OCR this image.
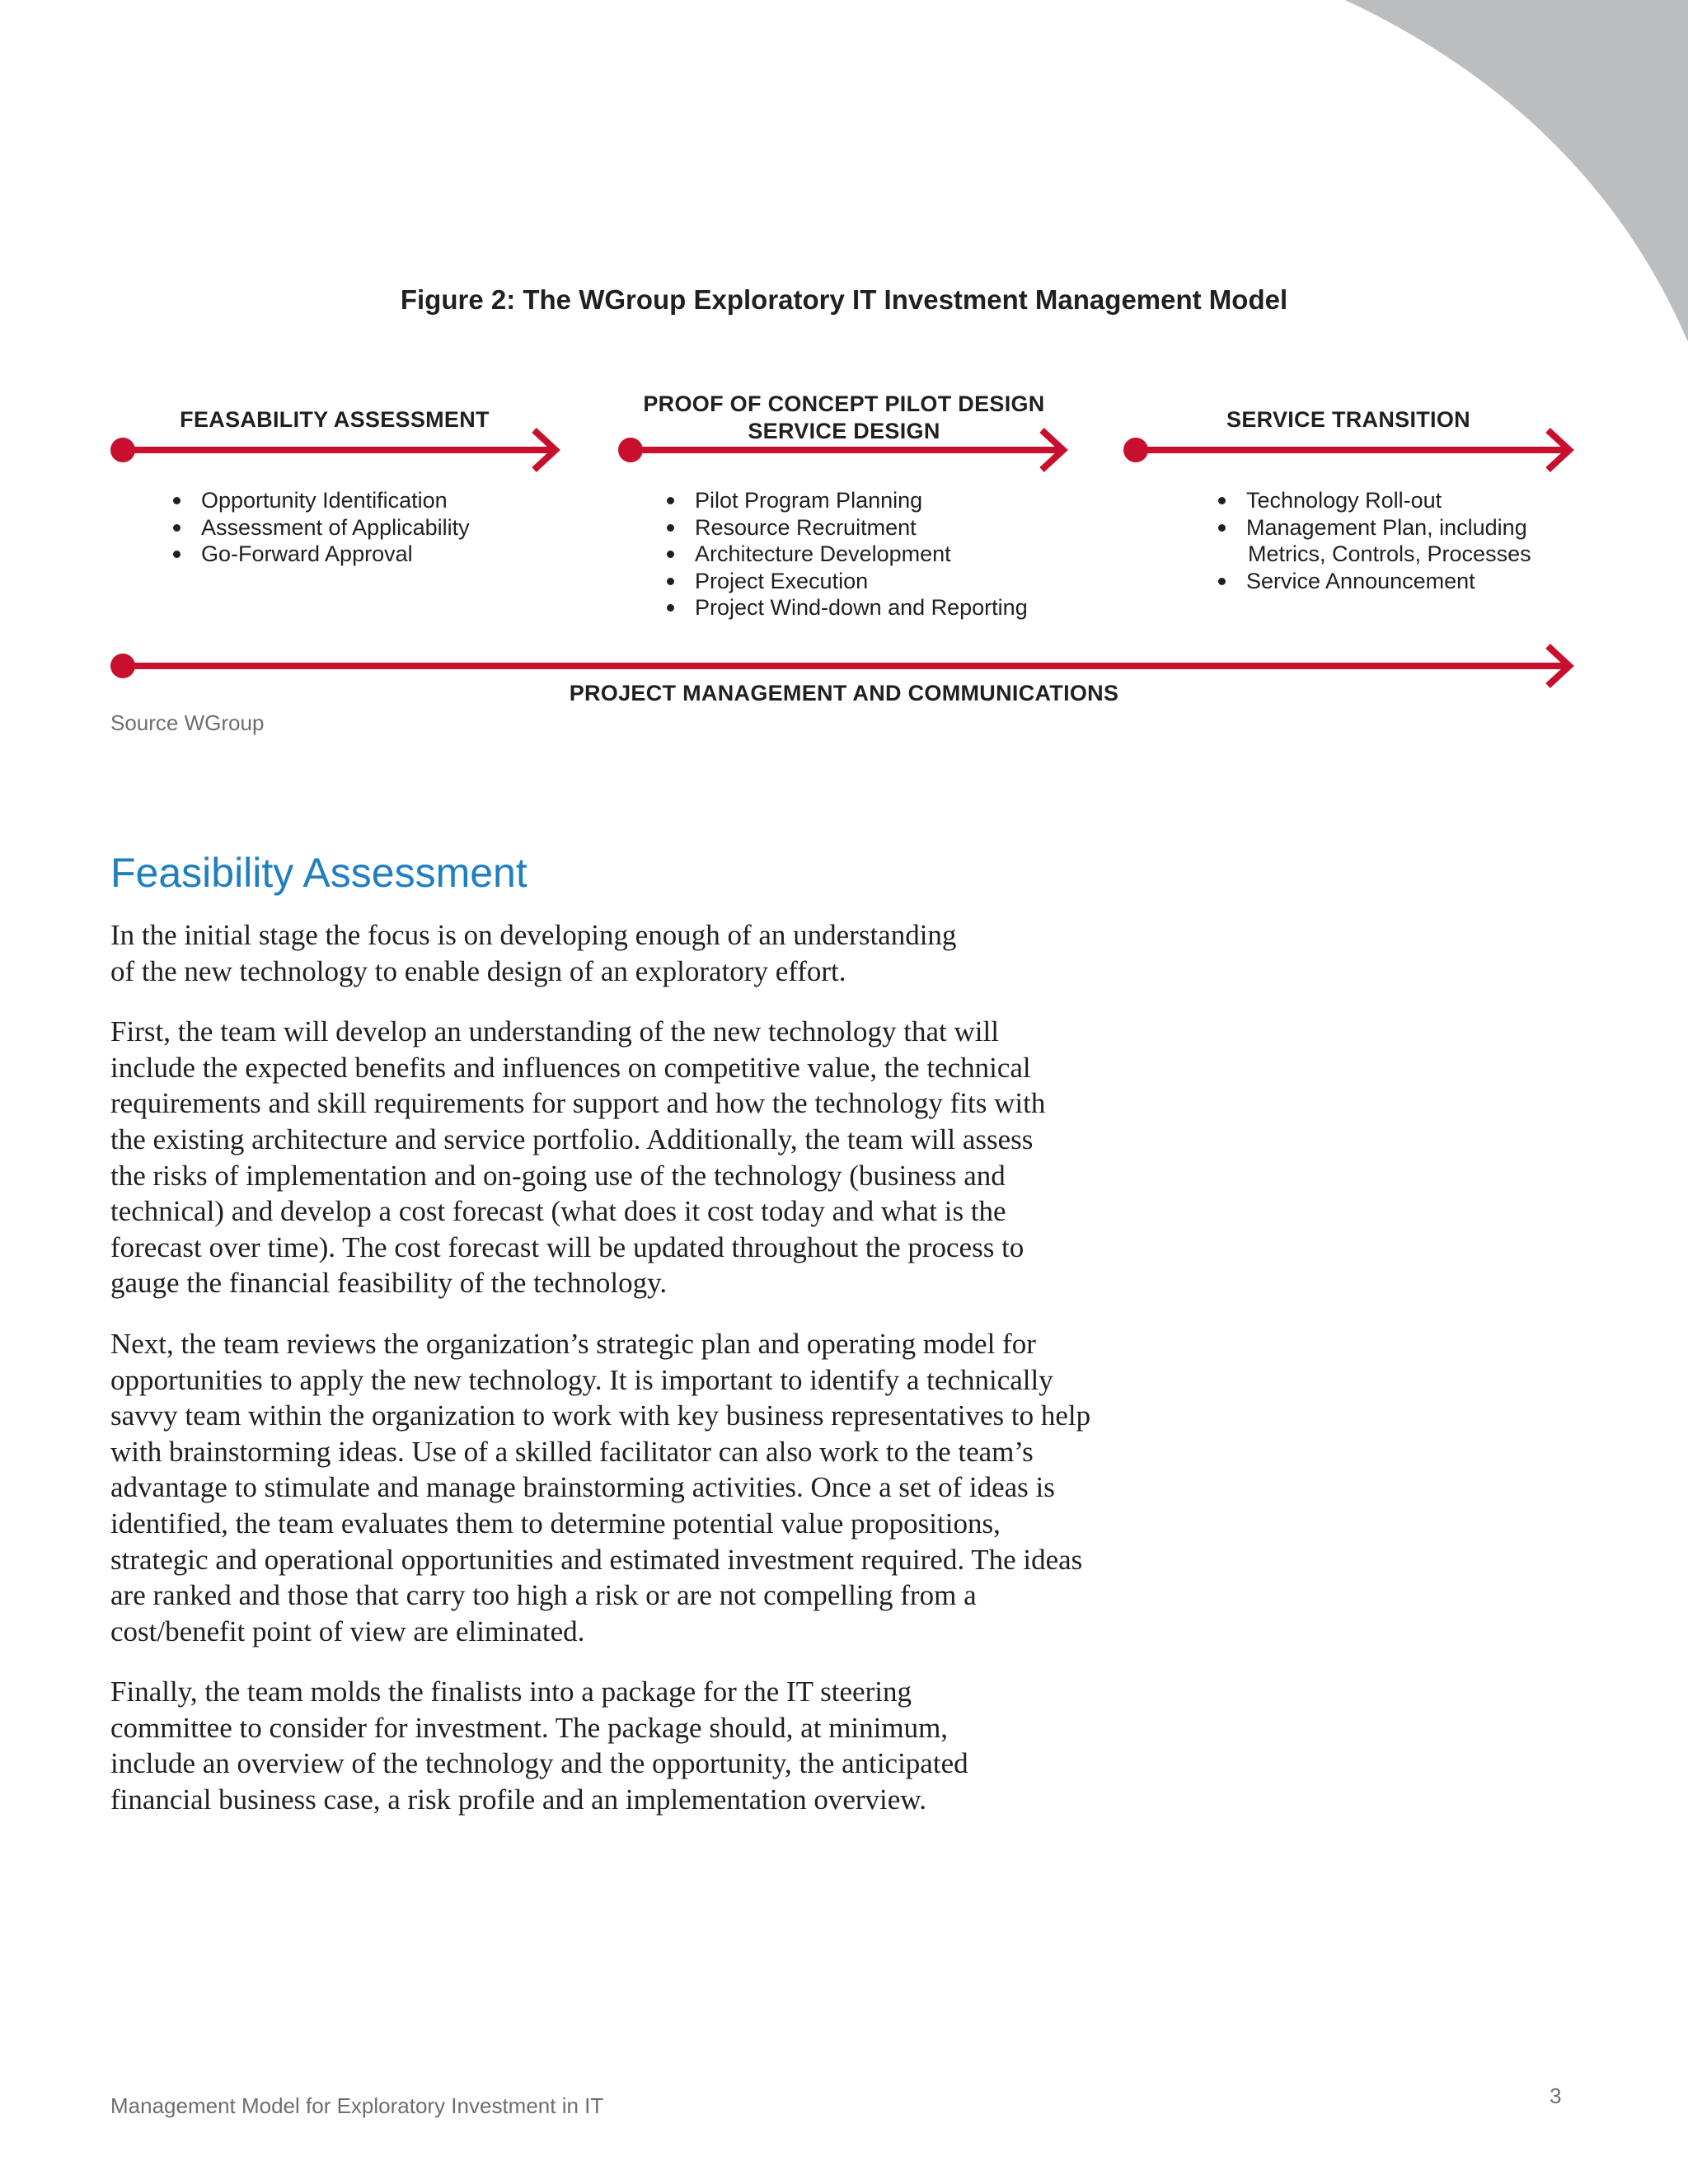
Figure 2: The WGroup Exploratory IT Investment Management Model
FEASABILITY ASSESSMENT
PROOF OF CONCEPT PILOT DESIGN
SERVICE DESIGN	SERVICE TRANSITION
Opportunity Identification
Assessment of Applicability
Go-Forward Approval
Pilot Program Planning
Resource Recruitment
Architecture Development
Project Execution
Project Wind-down and Reporting
Technology Roll-out
Management Plan, including
Metrics, Controls, Processes
Service Announcement
PROJECT MANAGEMENT AND COMMUNICATIONS
Source WGroup
Feasibility Assessment

In the initial stage the focus is on developing enough of an understanding of the new technology to enable design of an exploratory effort.

First, the team will develop an understanding of the new technology that will include the expected benefits and influences on competitive value, the technical requirements and skill requirements for support and how the technology fits with the existing architecture and service portfolio. Additionally, the team will assess the risks of implementation and on-going use of the technology (business and technical) and develop a cost forecast (what does it cost today and what is the forecast over time). The cost forecast will be updated throughout the process to gauge the financial feasibility of the technology.

Next, the team reviews the organization’s strategic plan and operating model for opportunities to apply the new technology. It is important to identify a technically savvy team within the organization to work with key business representatives to help with brainstorming ideas. Use of a skilled facilitator can also work to the team’s advantage to stimulate and manage brainstorming activities. Once a set of ideas is identified, the team evaluates them to determine potential value propositions, strategic and operational opportunities and estimated investment required. The ideas are ranked and those that carry too high a risk or are not compelling from a cost/benefit point of view are eliminated.

Finally, the team molds the finalists into a package for the IT steering committee to consider for investment. The package should, at minimum, include an overview of the technology and the opportunity, the anticipated financial business case, a risk profile and an implementation overview.

Management Model for Exploratory Investment in IT	3
